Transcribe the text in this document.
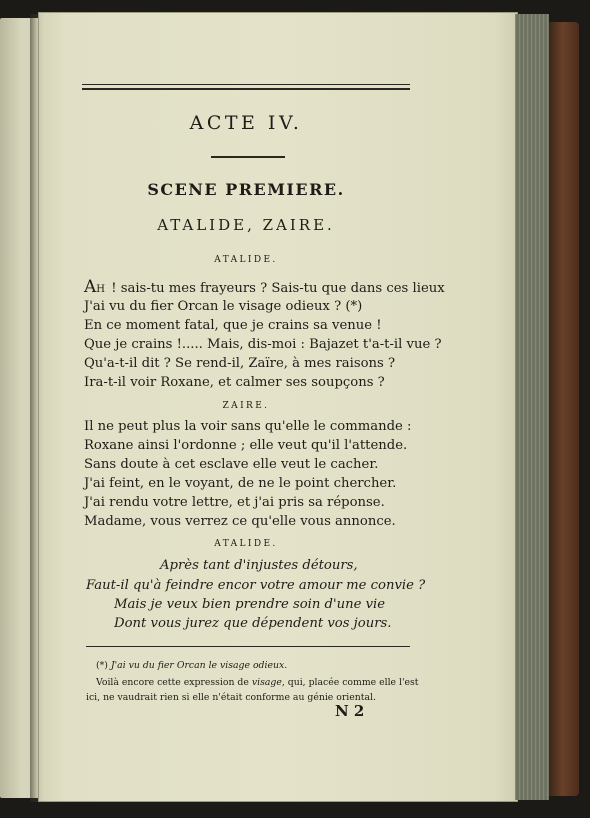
ACTE IV.
SCENE PREMIERE.
ATALIDE, ZAIRE.
ATALIDE.
AH ! sais-tu mes frayeurs ? Sais-tu que dans ces lieux
J'ai vu du fier Orcan le visage odieux ? (*)
En ce moment fatal, que je crains sa venue !
Que je crains !..... Mais, dis-moi : Bajazet t'a-t-il vue ?
Qu'a-t-il dit ? Se rend-il, Zaïre, à mes raisons ?
Ira-t-il voir Roxane, et calmer ses soupçons ?
ZAIRE.
Il ne peut plus la voir sans qu'elle le commande :
Roxane ainsi l'ordonne ; elle veut qu'il l'attende.
Sans doute à cet esclave elle veut le cacher.
J'ai feint, en le voyant, de ne le point chercher.
J'ai rendu votre lettre, et j'ai pris sa réponse.
Madame, vous verrez ce qu'elle vous annonce.
ATALIDE.
Après tant d'injustes détours,
Faut-il qu'à feindre encor votre amour me convie ?
Mais je veux bien prendre soin d'une vie
Dont vous jurez que dépendent vos jours.
(*) J'ai vu du fier Orcan le visage odieux.
Voilà encore cette expression de visage, qui, placée comme elle l'est
ici, ne vaudrait rien si elle n'était conforme au génie oriental.
N 2
